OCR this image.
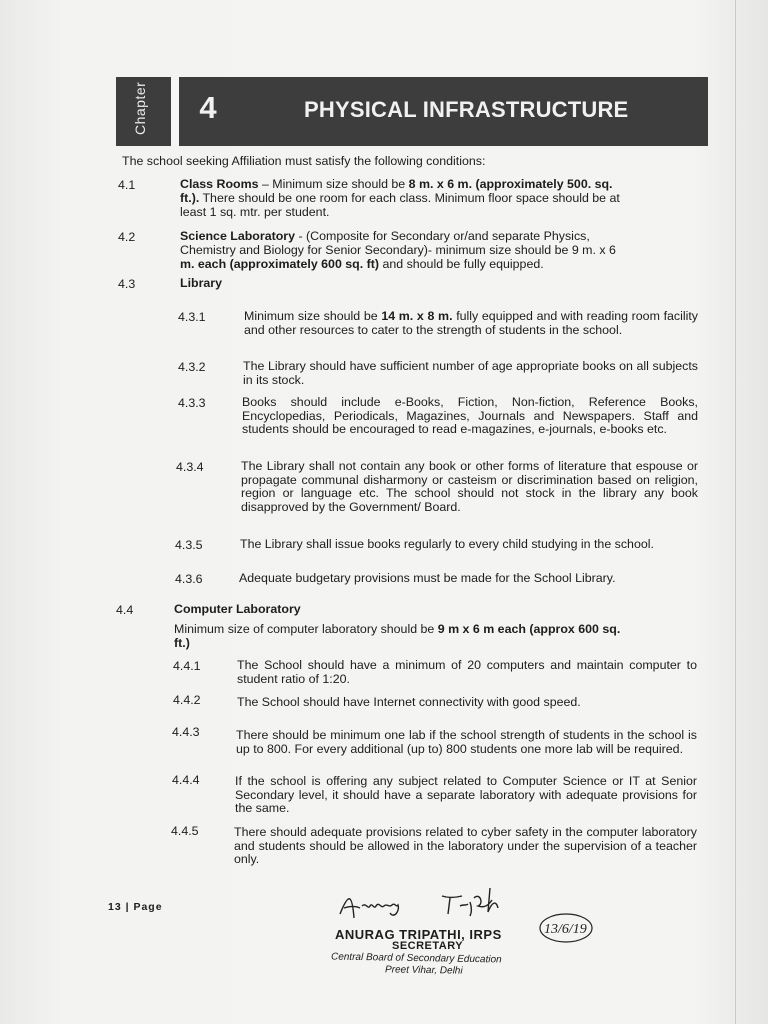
Chapter 4	PHYSICAL INFRASTRUCTURE
The school seeking Affiliation must satisfy the following conditions:
4.1	Class Rooms – Minimum size should be 8 m. x 6 m. (approximately 500. sq.
ft.). There should be one room for each class. Minimum floor space should be at
least 1 sq. mtr. per student.
4.2	Science Laboratory - (Composite for Secondary or/and separate Physics,
Chemistry and Biology for Senior Secondary)- minimum size should be 9 m. x 6
m. each (approximately 600 sq. ft) and should be fully equipped.
4.3	Library
4.3.1	Minimum size should be 14 m. x 8 m. fully equipped and with reading room facility and other resources to cater to the strength of students in the school.
4.3.2	The Library should have sufficient number of age appropriate books on all subjects in its stock.
4.3.3	Books should include e-Books, Fiction, Non-fiction, Reference Books, Encyclopedias, Periodicals, Magazines, Journals and Newspapers. Staff and students should be encouraged to read e-magazines, e-journals, e-books etc.
4.3.4	The Library shall not contain any book or other forms of literature that espouse or propagate communal disharmony or casteism or discrimination based on religion, region or language etc. The school should not stock in the library any book disapproved by the Government/ Board.
4.3.5	The Library shall issue books regularly to every child studying in the school.
4.3.6	Adequate budgetary provisions must be made for the School Library.
4.4	Computer Laboratory
Minimum size of computer laboratory should be 9 m x 6 m each (approx 600 sq.
ft.)
4.4.1	The School should have a minimum of 20 computers and maintain computer to student ratio of 1:20.
4.4.2	The School should have Internet connectivity with good speed.
4.4.3	There should be minimum one lab if the school strength of students in the school is up to 800. For every additional (up to) 800 students one more lab will be required.
4.4.4	If the school is offering any subject related to Computer Science or IT at Senior Secondary level, it should have a separate laboratory with adequate provisions for the same.
4.4.5	There should adequate provisions related to cyber safety in the computer laboratory and students should be allowed in the laboratory under the supervision of a teacher only.
13 | Page
13/6/19
ANURAG TRIPATHI, IRPS
SECRETARY
Central Board of Secondary Education
Preet Vihar, Delhi
